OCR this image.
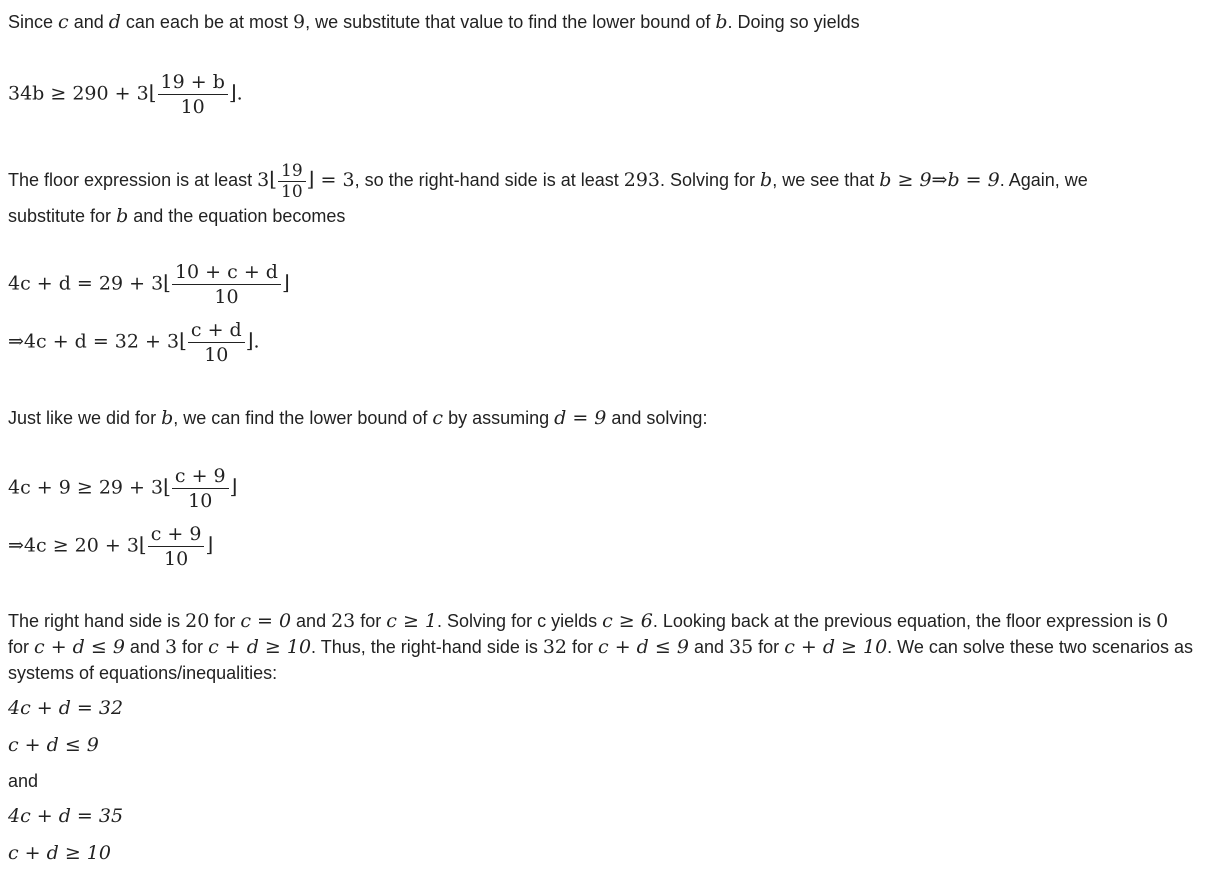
Since c and d can each be at most 9, we substitute that value to find the lower bound of b. Doing so yields
34b ≥ 290 + 3⌊ $\frac{19 + b}{10}$ ⌋.
The floor expression is at least 3⌊ $\frac{19}{10}$ ⌋ = 3, so the right-hand side is at least 293. Solving for b, we see that b ≥ 9⇒b = 9. Again, we
substitute for b and the equation becomes
4c + d = 29 + 3⌊ $\frac{10 + c + d}{10}$ ⌋
⇒4c + d = 32 + 3⌊ $\frac{c + d}{10}$ ⌋.
Just like we did for b, we can find the lower bound of c by assuming d = 9 and solving:
4c + 9 ≥ 29 + 3⌊ $\frac{c + 9}{10}$ ⌋
⇒4c ≥ 20 + 3⌊ $\frac{c + 9}{10}$ ⌋
The right hand side is 20 for c = 0 and 23 for c ≥ 1. Solving for c yields c ≥ 6. Looking back at the previous equation, the floor expression is 0
for c + d ≤ 9 and 3 for c + d ≥ 10. Thus, the right-hand side is 32 for c + d ≤ 9 and 35 for c + d ≥ 10. We can solve these two scenarios as
systems of equations/inequalities:
4c + d = 32
c + d ≤ 9
and
4c + d = 35
c + d ≥ 10
